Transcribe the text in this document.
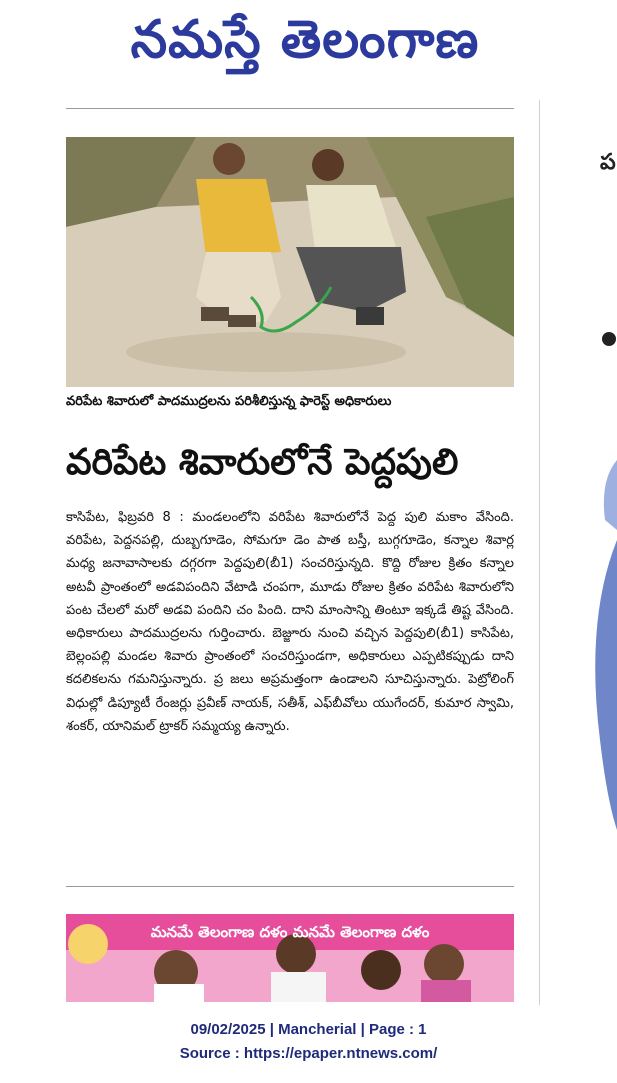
నమస్తే తెలంగాణ
వరిపేట శివారులో పాదముద్రలను పరిశీలిస్తున్న ఫారెస్ట్ అధికారులు
వరిపేట శివారులోనే పెద్దపులి
కాసిపేట, ఫిబ్రవరి 8 : మండలంలోని వరిపేట శివారులోనే పెద్ద పులి మకాం వేసింది. వరిపేట, పెద్దనపల్లి, దుబ్బగూడెం, సోమగూ డెం పాత బస్తీ, బుగ్గగూడెం, కన్నాల శివార్ల మధ్య జనావాసాలకు దగ్గరగా పెద్దపులి(బీ1) సంచరిస్తున్నది. కొద్ది రోజుల క్రితం కన్నాల అటవీ ప్రాంతంలో అడవిపందిని వేటాడి చంపగా, మూడు రోజుల క్రితం వరిపేట శివారులోని పంట చేలలో మరో అడవి పందిని చం పింది. దాని మాంసాన్ని తింటూ ఇక్కడే తిష్ట వేసింది. అధికారులు పాదముద్రలను గుర్తించారు. బెజ్జూరు నుంచి వచ్చిన పెద్దపులి(బీ1) కాసిపేట, బెల్లంపల్లి మండల శివారు ప్రాంతంలో సంచరిస్తుండగా, అధికారులు ఎప్పటికప్పుడు దాని కదలికలను గమనిస్తున్నారు. ప్ర జలు అప్రమత్తంగా ఉండాలని సూచిస్తున్నారు. పెట్రోలింగ్ విధుల్లో డిప్యూటీ రేంజర్లు ప్రవీణ్ నాయక్, సతీశ్, ఎఫ్‌బీవోలు యుగేందర్, కుమార స్వామి, శంకర్, యానిమల్ ట్రాకర్ సమ్మయ్య ఉన్నారు.
మనమే తెలంగాణ దళం మనమే తెలంగాణ దళం
ప
09/02/2025 | Mancherial | Page : 1
Source : https://epaper.ntnews.com/
